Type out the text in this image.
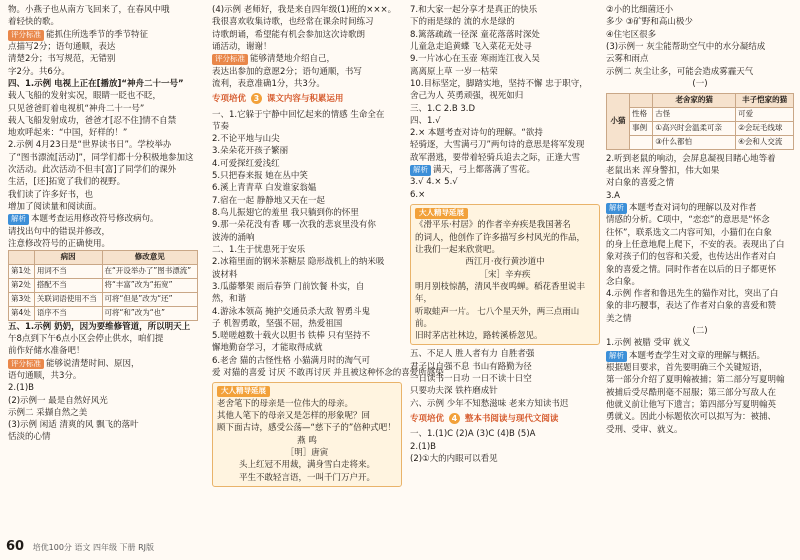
物。小燕子也从南方飞回来了，在春风中哦
着轻快的歌。
评分标准 能抓住所选季节的季节特征
点描写2分；语句通顺，表达
清楚2分；书写规范，无错别
字2分。共6分。
四、1.示例 电视上正在[播放]“神舟二十一号”
载人飞船的发射实况，眼睛一眨也不眨，
只见爸爸盯着电视机“神舟二十一号”
载人飞船发射成功，爸爸才[忍不住]情不自禁
地欢呼起来：“中国，好样的！”
2.示例 4月23日是“世界读书日”。学校举办
了“图书漂流[活动]”，同学们都十分积极地参加这
次活动。此次活动不但丰[富]了同学们的课外
生活，[还]拓宽了我们的视野。
我们读了许多好书，也
增加了阅读量和阅读面。
解析 本题考查运用修改符号修改病句。
请找出句中的错误并修改，
注意修改符号的正确使用。
	病因	修改意见
第1处	用词不当	在“开设举办了”图书漂流”
第2处	搭配不当	将“丰富”改为“拓宽”
第3处	关联词语使用不当	可将“但是”改为“还”
第4处	语序不当	可将“和”改为“也”
五、1.示例 奶奶，因为要维修管道，所以明天上
午8点到下午6点小区会停止供水，咱们提
前作好储水准备吧！
评分标准 能够说清楚时间、原因，
语句通顺，共3分。
2.(1)B
(2)示例一 最是自然好风光
示例二 采撷自然之美
(3)示例 闲适 清爽的风 飘飞的落叶
恬淡的心情
(4)示例 老师好，我是来自四年级(1)班的×××。
我很喜欢收集诗歌，也经常在课余时间练习
诗歌朗诵，希望能有机会参加这次诗歌朗
诵活动，谢谢！
评分标准 能够清楚地介绍自己，
表达出参加的意愿2分；语句通顺，书写
流利，表意准确1分，共3分。
专项培优 3 课文内容与积累运用
一、1.它躲于宁静中回忆起来的情感 生命全在
节奏
2.不论平地与山尖
3.朵朵花开孩子繁丽
4.可爱探红爱浅红
5.只把春来报 她在丛中笑
6.溪上青青草 白发谁家翁媪
7.宿在一起 静静地又天在一起
8.鸟儿振翅它的羞里 我只躺到你的怀里
9.那一朵花没有香 哪一次我的悲哀里没有你
波涛的涌响
二、1.生于忧患死于安乐
2.冰箱里面的钢米茶糖层 隐形战机上的纳米吸
波材料
3.瓜藤攀架 雨后春笋 门前饮餐 朴实，自
然，和谐
4.游泳本领高 掩护交通员杀大敌 智勇斗鬼
子 机智勇敢，坚强不屈，热爱祖国
5.嗟嗟越数十载火以胆书 铁棒 只有坚持不
懈地勤奋学习，才能取得成就
6.老舍 猫的古怪性格 小猫满月时的淘气可
爱 对猫的喜爱 讨厌 不敢再讨厌 并且被这种怀念的喜爱所感染
大人精导延展
老舍笔下的母亲是一位伟大的母亲。
其他人笔下的母亲又是怎样的形象呢？回
顾下面古诗，感受公荡—“慈下子的”倍种式吧！
燕 鸣
［明］唐寅
头上红冠不用裁，满身雪白走将来。
平生不敢轻言语，一叫千门万户开。
7.和大家一起分享才是真正的快乐
下的雨是绿的 流的水是绿的
8.篱落疏疏一径深 童花落落时深处
儿童急走追黄蝶 飞入菜花无处寻
9.一片冰心在玉壶 寒雨连江夜入吴
离离原上草 一岁一枯荣
10.目标坚定，脚踏实地，坚持不懈 忠于职守，
舍己为人 英勇顽强，视死如归
三、1.C 2.B 3.D
四、1.√
2.× 本题考查对诗句的理解。“欲持
轻骑逐，大雪满弓刀”两句诗的意思是将军发现
敌军潜逃，要带着轻骑兵追去之际，正逢大雪
解析 满天，弓上都落满了雪花。
3.√ 4.× 5.√
6.×
大人精导延展
《滑平乐·村居》的作者辛弃疾是我国著名
的词人，他创作了许多描写乡村风光的作品，
让我们一起来欣赏吧。
西江月·夜行黄沙道中
［宋］辛弃疾
明月别枝惊鹊，清风半夜鸣蝉。稻花香里说丰年，
听取蛙声一片。 七八个星天外，两三点雨山前。
旧时茅店社林边，路转溪桥忽见。
五、不足人 胜人者有力 自胜者强
君子以自强不息 书山有路勤为径
一日读书一日功 一日不读十日空
只要功夫深 铁杵磨成针
六、示例 少年不知愁滋味 老来方知读书迟
专项培优 4 整本书阅读与现代文阅读
一、1.(1)C (2)A (3)C (4)B (5)A
2.(1)B
(2)①大的内眼可以看见
②小的比细菌还小
多少 ③矿野和高山极少
④住宅区很多
(3)示例一 灰尘能帮助空气中的水分凝结成
云雾和雨点
示例二 灰尘让多，可能会造成雾霾天气
(一)
小猫		老舍家的猫	丰子恺家的猫
	性格	古怪	可爱
	事例	①高兴时会温柔可亲	②会玩毛线球
		③什么都怕	④会和人交流
2.听到老鼠的响动，会屏息凝视目睹心地等着
老鼠出来 浑身警扣，伟大如果
对白象的喜爱之情
3.A
解析 本题考查对词句的理解以及对作者
情感的分析。C项中，“恋恋”的意思是“怀念
往怀”，联系选文二内容可知，小猫们在白象
的身上任意地爬上爬下，不安的表。表现出了白
象对孩子们的包容和关爱，也传达出作者对白
象的喜爱之情。同时作者在以后的日子都更怀
念白象。
4.示例 作者和鲁迅先生的猫作对比，突出了白
象的非巧腰事，表达了作者对白象的喜爱和赞
美之情
(二)
1.示例 被腊 受审 就义
解析 本题考查学生对文章的理解与概括。
根据题目要求，首先要明确三个关键短语，
第一部分介绍了夏明翰被捕；第二部分写夏明翰
被捕后受尽酷刑毫不屈服；第三部分写敌人在
他就义前让他写下遗言；第四部分写夏明翰英
勇就义。因此小标题依次可以拟写为：被捕、
受刑、受审、就义。
60 培优100分 语文 四年级 下册 RJ版
